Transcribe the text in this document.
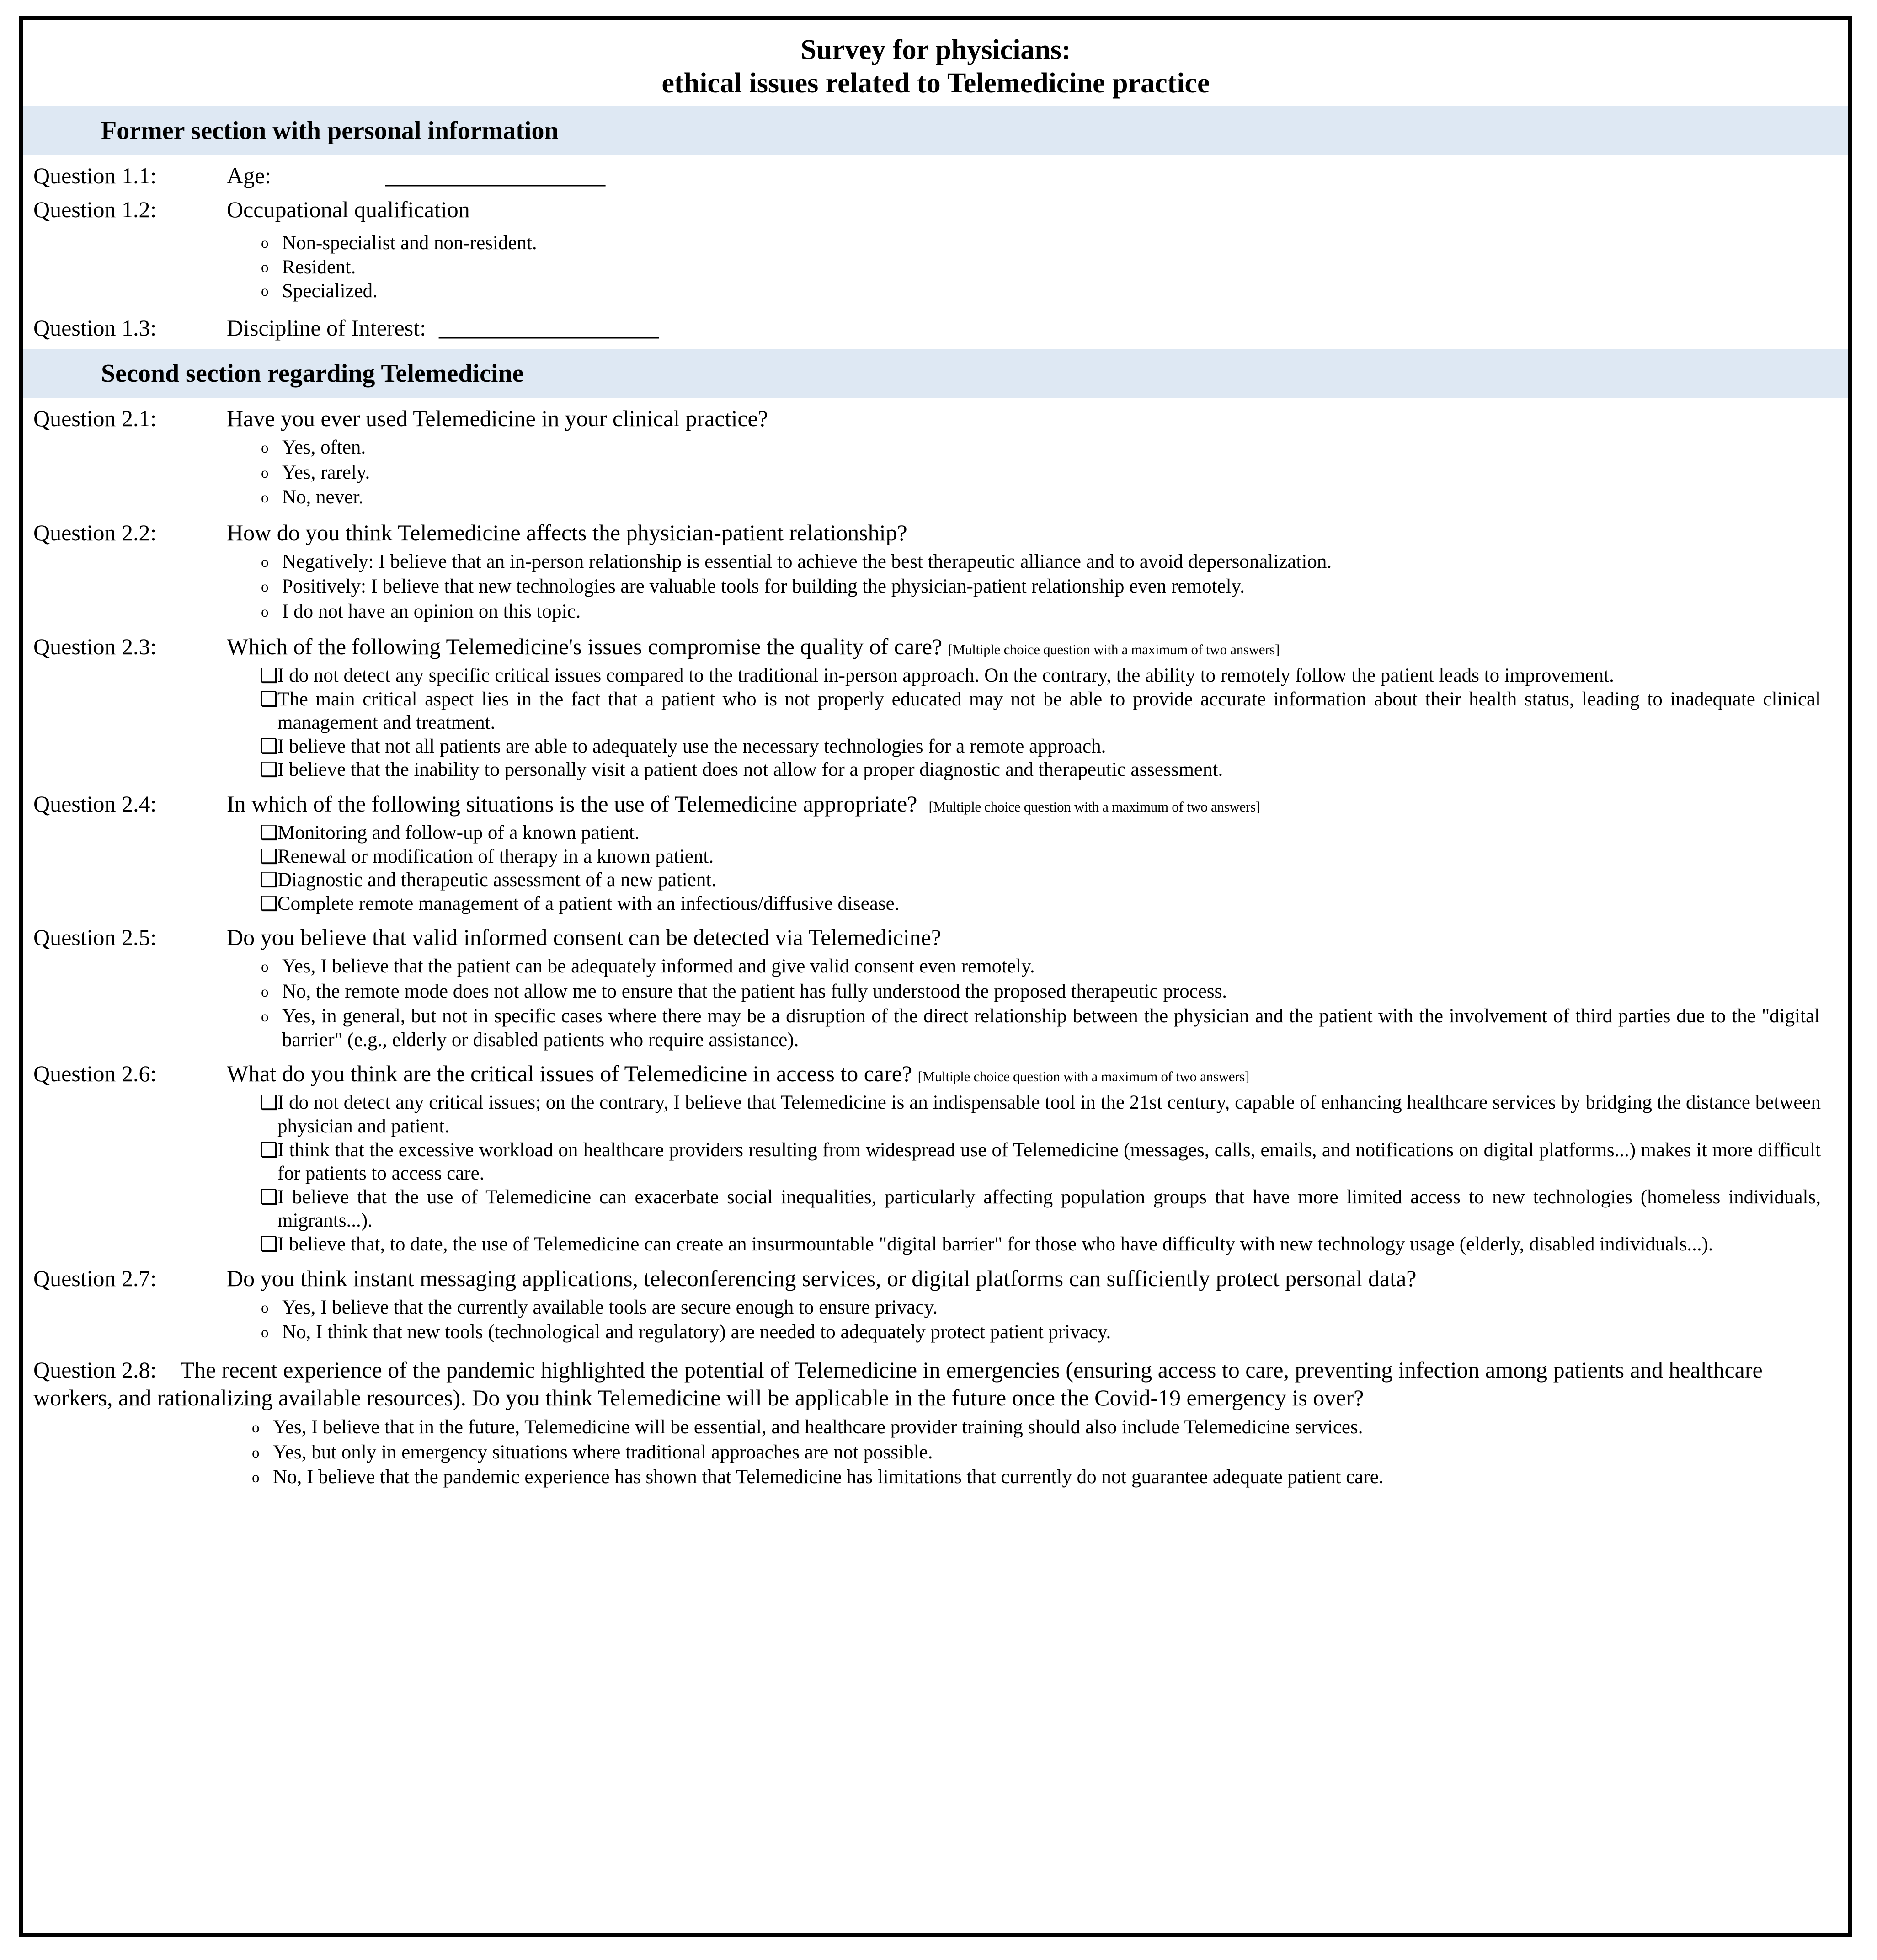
Survey for physicians:
ethical issues related to Telemedicine practice
Former section with personal information
Question 1.1:	Age:	____________________
Question 1.2:	Occupational qualification
o Non-specialist and non-resident.
o Resident.
o Specialized.
Question 1.3:	Discipline of Interest: ____________________
Second section regarding Telemedicine
Question 2.1:	Have you ever used Telemedicine in your clinical practice?
o Yes, often.
o Yes, rarely.
o No, never.
Question 2.2:	How do you think Telemedicine affects the physician-patient relationship?
o Negatively: I believe that an in-person relationship is essential to achieve the best therapeutic alliance and to avoid depersonalization.
o Positively: I believe that new technologies are valuable tools for building the physician-patient relationship even remotely.
o I do not have an opinion on this topic.
Question 2.3:	Which of the following Telemedicine's issues compromise the quality of care? [Multiple choice question with a maximum of two answers]
❑
I do not detect any specific critical issues compared to the traditional in-person approach. On the contrary, the ability to remotely follow the patient leads to improvement.
❑
The main critical aspect lies in the fact that a patient who is not properly educated may not be able to provide accurate information about their health status, leading to inadequate clinical management and treatment.
❑
I believe that not all patients are able to adequately use the necessary technologies for a remote approach.
❑
I believe that the inability to personally visit a patient does not allow for a proper diagnostic and therapeutic assessment.
Question 2.4:	In which of the following situations is the use of Telemedicine appropriate? [Multiple choice question with a maximum of two answers]
❑
Monitoring and follow-up of a known patient.
❑
Renewal or modification of therapy in a known patient.
❑
Diagnostic and therapeutic assessment of a new patient.
❑
Complete remote management of a patient with an infectious/diffusive disease.
Question 2.5:	Do you believe that valid informed consent can be detected via Telemedicine?
o Yes, I believe that the patient can be adequately informed and give valid consent even remotely.
o No, the remote mode does not allow me to ensure that the patient has fully understood the proposed therapeutic process.
o Yes, in general, but not in specific cases where there may be a disruption of the direct relationship between the physician and the patient with the involvement of third parties due to the "digital barrier" (e.g., elderly or disabled patients who require assistance).
Question 2.6:	What do you think are the critical issues of Telemedicine in access to care? [Multiple choice question with a maximum of two answers]
❑
I do not detect any critical issues; on the contrary, I believe that Telemedicine is an indispensable tool in the 21st century, capable of enhancing healthcare services by bridging the distance between physician and patient.
❑
I think that the excessive workload on healthcare providers resulting from widespread use of Telemedicine (messages, calls, emails, and notifications on digital platforms...) makes it more difficult for patients to access care.
❑
I believe that the use of Telemedicine can exacerbate social inequalities, particularly affecting population groups that have more limited access to new technologies (homeless individuals, migrants...).
❑
I believe that, to date, the use of Telemedicine can create an insurmountable "digital barrier" for those who have difficulty with new technology usage (elderly, disabled individuals...).
Question 2.7:	Do you think instant messaging applications, teleconferencing services, or digital platforms can sufficiently protect personal data?
o Yes, I believe that the currently available tools are secure enough to ensure privacy.
o No, I think that new tools (technological and regulatory) are needed to adequately protect patient privacy.
Question 2.8: The recent experience of the pandemic highlighted the potential of Telemedicine in emergencies (ensuring access to care, preventing infection among patients and healthcare workers, and rationalizing available resources). Do you think Telemedicine will be applicable in the future once the Covid-19 emergency is over?
o Yes, I believe that in the future, Telemedicine will be essential, and healthcare provider training should also include Telemedicine services.
o Yes, but only in emergency situations where traditional approaches are not possible.
o No, I believe that the pandemic experience has shown that Telemedicine has limitations that currently do not guarantee adequate patient care.
